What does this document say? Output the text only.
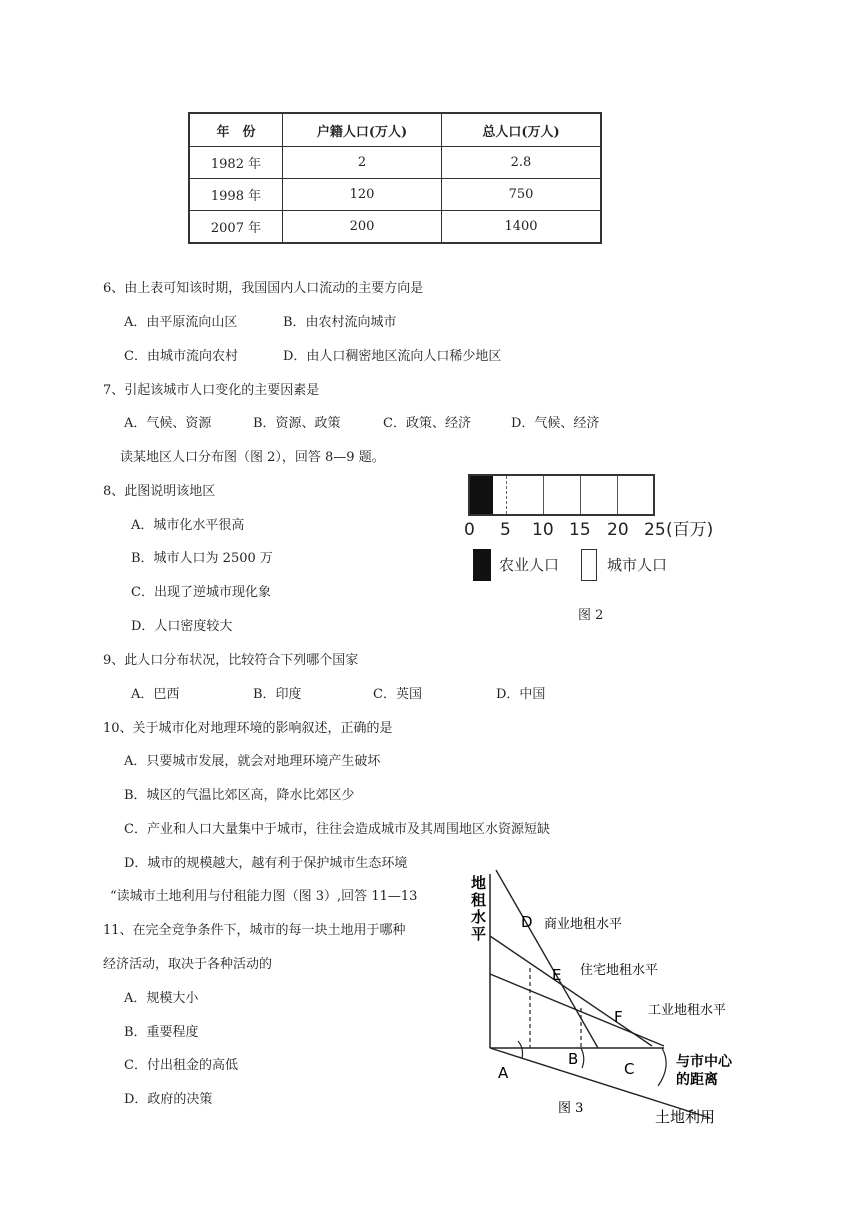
年　份	户籍人口(万人)	总人口(万人)
1982 年	2	2.8
1998 年	120	750
2007 年	200	1400
6、由上表可知该时期，我国国内人口流动的主要方向是
A．由平原流向山区	B．由农村流向城市
C．由城市流向农村	D．由人口稠密地区流向人口稀少地区
7、引起该城市人口变化的主要因素是
A．气候、资源	B．资源、政策	C．政策、经济	D．气候、经济
读某地区人口分布图（图 2），回答 8—9 题。
8、此图说明该地区
A．城市化水平很高
B．城市人口为 2500 万
C．出现了逆城市现化象
D．人口密度较大
0 5 10 15 20 25 (百万)
农业人口	城市人口
图 2
9、此人口分布状况，比较符合下列哪个国家
A．巴西	B．印度	C．英国	D．中国
10、关于城市化对地理环境的影响叙述，正确的是
A．只要城市发展，就会对地理环境产生破坏
B．城区的气温比郊区高，降水比郊区少
C．产业和人口大量集中于城市，往往会造成城市及其周围地区水资源短缺
D．城市的规模越大，越有利于保护城市生态环境
“读城市土地利用与付租能力图（图 3）,回答 11—13
11、在完全竞争条件下，城市的每一块土地用于哪种
经济活动，取决于各种活动的
A．规模大小
B．重要程度
C．付出租金的高低
D．政府的决策
地租水平
D 商业地租水平
E 住宅地租水平
F 工业地租水平
A
B
C	与市中心
的距离
土地利用
图 3
